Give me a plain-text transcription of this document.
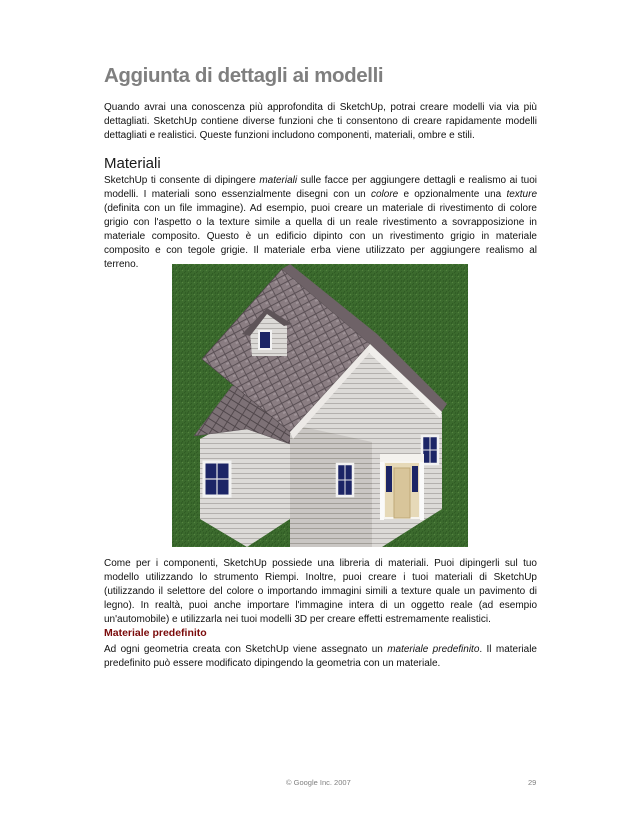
Aggiunta di dettagli ai modelli

Quando avrai una conoscenza più approfondita di SketchUp, potrai creare modelli via via più dettagliati. SketchUp contiene diverse funzioni che ti consentono di creare rapidamente modelli dettagliati e realistici. Queste funzioni includono componenti, materiali, ombre e stili.

Materiali

SketchUp ti consente di dipingere materiali sulle facce per aggiungere dettagli e realismo ai tuoi modelli. I materiali sono essenzialmente disegni con un colore e opzionalmente una texture (definita con un file immagine). Ad esempio, puoi creare un materiale di rivestimento di colore grigio con l'aspetto o la texture simile a quella di un reale rivestimento a sovrapposizione in materiale composito. Questo è un edificio dipinto con un rivestimento grigio in materiale composito e con tegole grigie. Il materiale erba viene utilizzato per aggiungere realismo al terreno.

Come per i componenti, SketchUp possiede una libreria di materiali. Puoi dipingerli sul tuo modello utilizzando lo strumento Riempi. Inoltre, puoi creare i tuoi materiali di SketchUp (utilizzando il selettore del colore o importando immagini simili a texture quale un pavimento di legno). In realtà, puoi anche importare l'immagine intera di un oggetto reale (ad esempio un'automobile) e utilizzarla nei tuoi modelli 3D per creare effetti estremamente realistici.

Materiale predefinito

Ad ogni geometria creata con SketchUp viene assegnato un materiale predefinito. Il materiale predefinito può essere modificato dipingendo la geometria con un materiale.

© Google Inc. 2007	29
